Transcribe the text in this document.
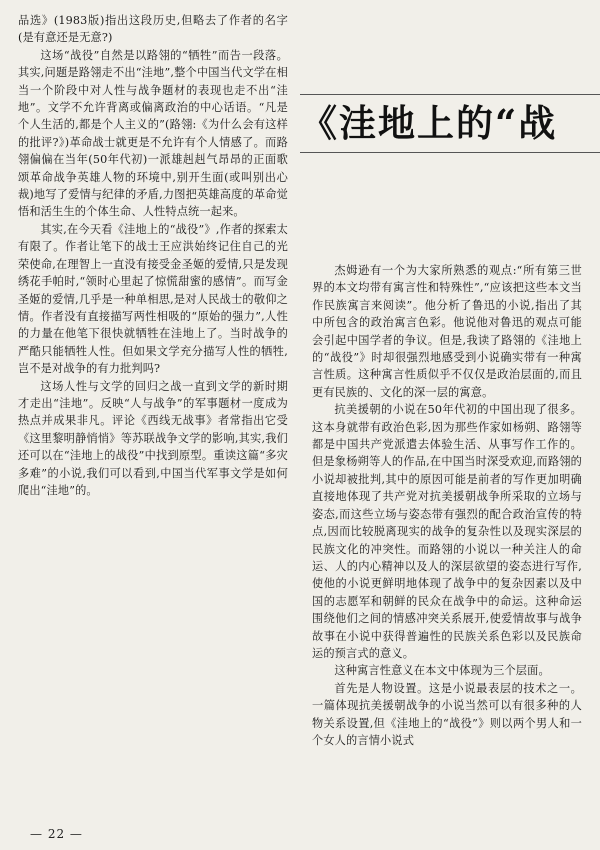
品选》(1983版)指出这段历史,但略去了作者的名字(是有意还是无意?)

这场“战役”自然是以路翎的“牺牲”而告一段落。其实,问题是路翎走不出“洼地”,整个中国当代文学在相当一个阶段中对人性与战争题材的表现也走不出“洼地”。文学不允许背离或偏离政治的中心话语。“凡是个人生活的,都是个人主义的”(路翎:《为什么会有这样的批评?》)革命战士就更是不允许有个人情感了。而路翎偏偏在当年(50年代初)一派雄赳赳气昂昂的正面歌颂革命战争英雄人物的环境中,别开生面(或叫别出心裁)地写了爱情与纪律的矛盾,力图把英雄高度的革命觉悟和活生生的个体生命、人性特点统一起来。

其实,在今天看《洼地上的“战役”》,作者的探索太有限了。作者让笔下的战士王应洪始终记住自己的光荣使命,在理智上一直没有接受金圣姬的爱情,只是发现绣花手帕时,“领时心里起了惊慌甜蜜的感情”。而写金圣姬的爱情,几乎是一种单相思,是对人民战士的敬仰之情。作者没有直接描写两性相吸的“原始的强力”,人性的力量在他笔下很快就牺牲在洼地上了。当时战争的严酷只能牺牲人性。但如果文学充分描写人性的牺牲,岂不是对战争的有力批判吗?

这场人性与文学的回归之战一直到文学的新时期才走出“洼地”。反映“人与战争”的军事题材一度成为热点并成果非凡。评论《西线无战事》者常指出它受《这里黎明静悄悄》等苏联战争文学的影响,其实,我们还可以在“洼地上的战役”中找到原型。重读这篇“多灾多难”的小说,我们可以看到,中国当代军事文学是如何爬出“洼地”的。

《洼地上的“战

杰姆逊有一个为大家所熟悉的观点:“所有第三世界的本文均带有寓言性和特殊性”,“应该把这些本文当作民族寓言来阅读”。他分析了鲁迅的小说,指出了其中所包含的政治寓言色彩。他说他对鲁迅的观点可能会引起中国学者的争议。但是,我读了路翎的《洼地上的“战役”》时却很强烈地感受到小说确实带有一种寓言性质。这种寓言性质似乎不仅仅是政治层面的,而且更有民族的、文化的深一层的寓意。

抗美援朝的小说在50年代初的中国出现了很多。这本身就带有政治色彩,因为那些作家如杨朔、路翎等都是中国共产党派遣去体验生活、从事写作工作的。但是象杨朔等人的作品,在中国当时深受欢迎,而路翎的小说却被批判,其中的原因可能是前者的写作更加明确直接地体现了共产党对抗美援朝战争所采取的立场与姿态,而这些立场与姿态带有强烈的配合政治宣传的特点,因而比较脱离现实的战争的复杂性以及现实深层的民族文化的冲突性。而路翎的小说以一种关注人的命运、人的内心精神以及人的深层欲望的姿态进行写作,使他的小说更鲜明地体现了战争中的复杂因素以及中国的志愿军和朝鲜的民众在战争中的命运。这种命运围绕他们之间的情感冲突关系展开,使爱情故事与战争故事在小说中获得普遍性的民族关系色彩以及民族命运的预言式的意义。

这种寓言性意义在本文中体现为三个层面。

首先是人物设置。这是小说最表层的技术之一。一篇体现抗美援朝战争的小说当然可以有很多种的人物关系设置,但《洼地上的“战役”》则以两个男人和一个女人的言情小说式

— 22 —
